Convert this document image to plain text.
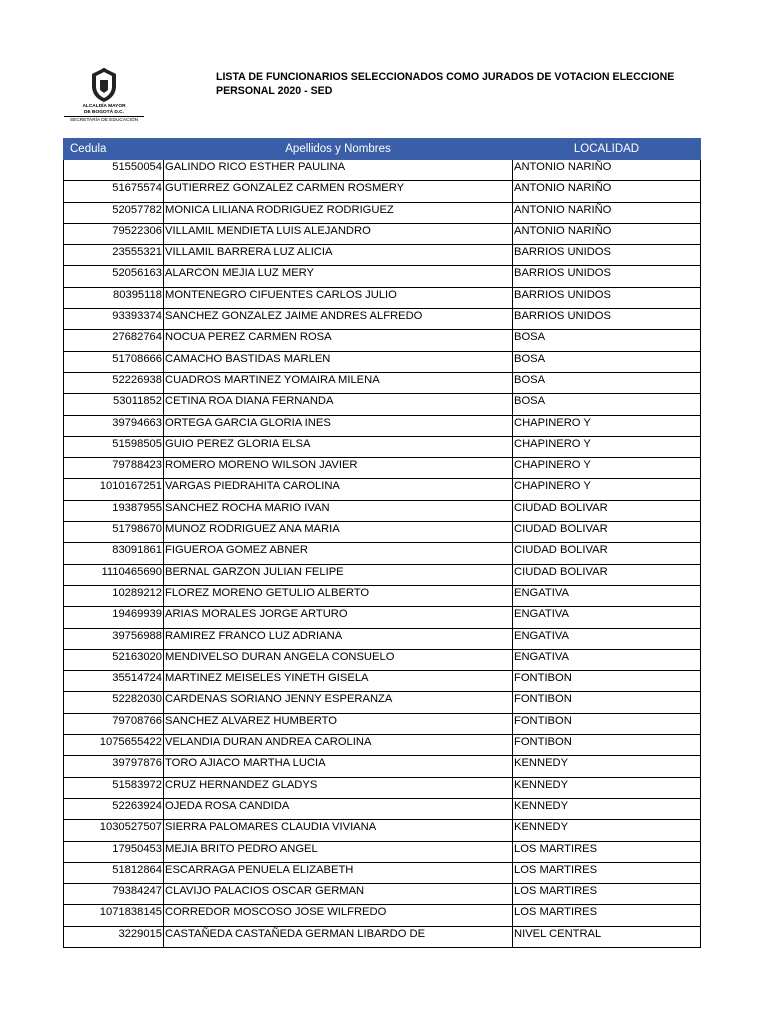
ALCALDÍA MAYOR
DE BOGOTÁ D.C.
SECRETARÍA DE EDUCACIÓN
LISTA DE FUNCIONARIOS SELECCIONADOS COMO JURADOS DE VOTACION ELECCIONE
PERSONAL 2020 - SED
Cedula	Apellidos y Nombres	LOCALIDAD
51550054	GALINDO RICO ESTHER PAULINA	ANTONIO NARIÑO
51675574	GUTIERREZ GONZALEZ CARMEN ROSMERY	ANTONIO NARIÑO
52057782	MONICA LILIANA RODRIGUEZ RODRIGUEZ	ANTONIO NARIÑO
79522306	VILLAMIL MENDIETA LUIS ALEJANDRO	ANTONIO NARIÑO
23555321	VILLAMIL BARRERA LUZ ALICIA	BARRIOS UNIDOS
52056163	ALARCON MEJIA LUZ MERY	BARRIOS UNIDOS
80395118	MONTENEGRO CIFUENTES CARLOS JULIO	BARRIOS UNIDOS
93393374	SANCHEZ GONZALEZ JAIME ANDRES ALFREDO	BARRIOS UNIDOS
27682764	NOCUA PEREZ CARMEN ROSA	BOSA
51708666	CAMACHO BASTIDAS MARLEN	BOSA
52226938	CUADROS MARTINEZ YOMAIRA MILENA	BOSA
53011852	CETINA ROA DIANA FERNANDA	BOSA
39794663	ORTEGA GARCIA GLORIA INES	CHAPINERO Y
51598505	GUIO PEREZ GLORIA ELSA	CHAPINERO Y
79788423	ROMERO MORENO WILSON JAVIER	CHAPINERO Y
1010167251	VARGAS PIEDRAHITA CAROLINA	CHAPINERO Y
19387955	SANCHEZ ROCHA MARIO IVAN	CIUDAD BOLIVAR
51798670	MUNOZ RODRIGUEZ ANA MARIA	CIUDAD BOLIVAR
83091861	FIGUEROA GOMEZ ABNER	CIUDAD BOLIVAR
1110465690	BERNAL GARZON JULIAN FELIPE	CIUDAD BOLIVAR
10289212	FLOREZ MORENO GETULIO ALBERTO	ENGATIVA
19469939	ARIAS MORALES JORGE ARTURO	ENGATIVA
39756988	RAMIREZ FRANCO LUZ ADRIANA	ENGATIVA
52163020	MENDIVELSO DURAN ANGELA CONSUELO	ENGATIVA
35514724	MARTINEZ MEISELES YINETH GISELA	FONTIBON
52282030	CARDENAS SORIANO JENNY ESPERANZA	FONTIBON
79708766	SANCHEZ ALVAREZ HUMBERTO	FONTIBON
1075655422	VELANDIA DURAN ANDREA CAROLINA	FONTIBON
39797876	TORO AJIACO MARTHA LUCIA	KENNEDY
51583972	CRUZ HERNANDEZ GLADYS	KENNEDY
52263924	OJEDA ROSA CANDIDA	KENNEDY
1030527507	SIERRA PALOMARES CLAUDIA VIVIANA	KENNEDY
17950453	MEJIA BRITO PEDRO ANGEL	LOS MARTIRES
51812864	ESCARRAGA PENUELA ELIZABETH	LOS MARTIRES
79384247	CLAVIJO PALACIOS OSCAR GERMAN	LOS MARTIRES
1071838145	CORREDOR MOSCOSO JOSE WILFREDO	LOS MARTIRES
3229015	CASTAÑEDA CASTAÑEDA GERMAN LIBARDO DE	NIVEL CENTRAL
